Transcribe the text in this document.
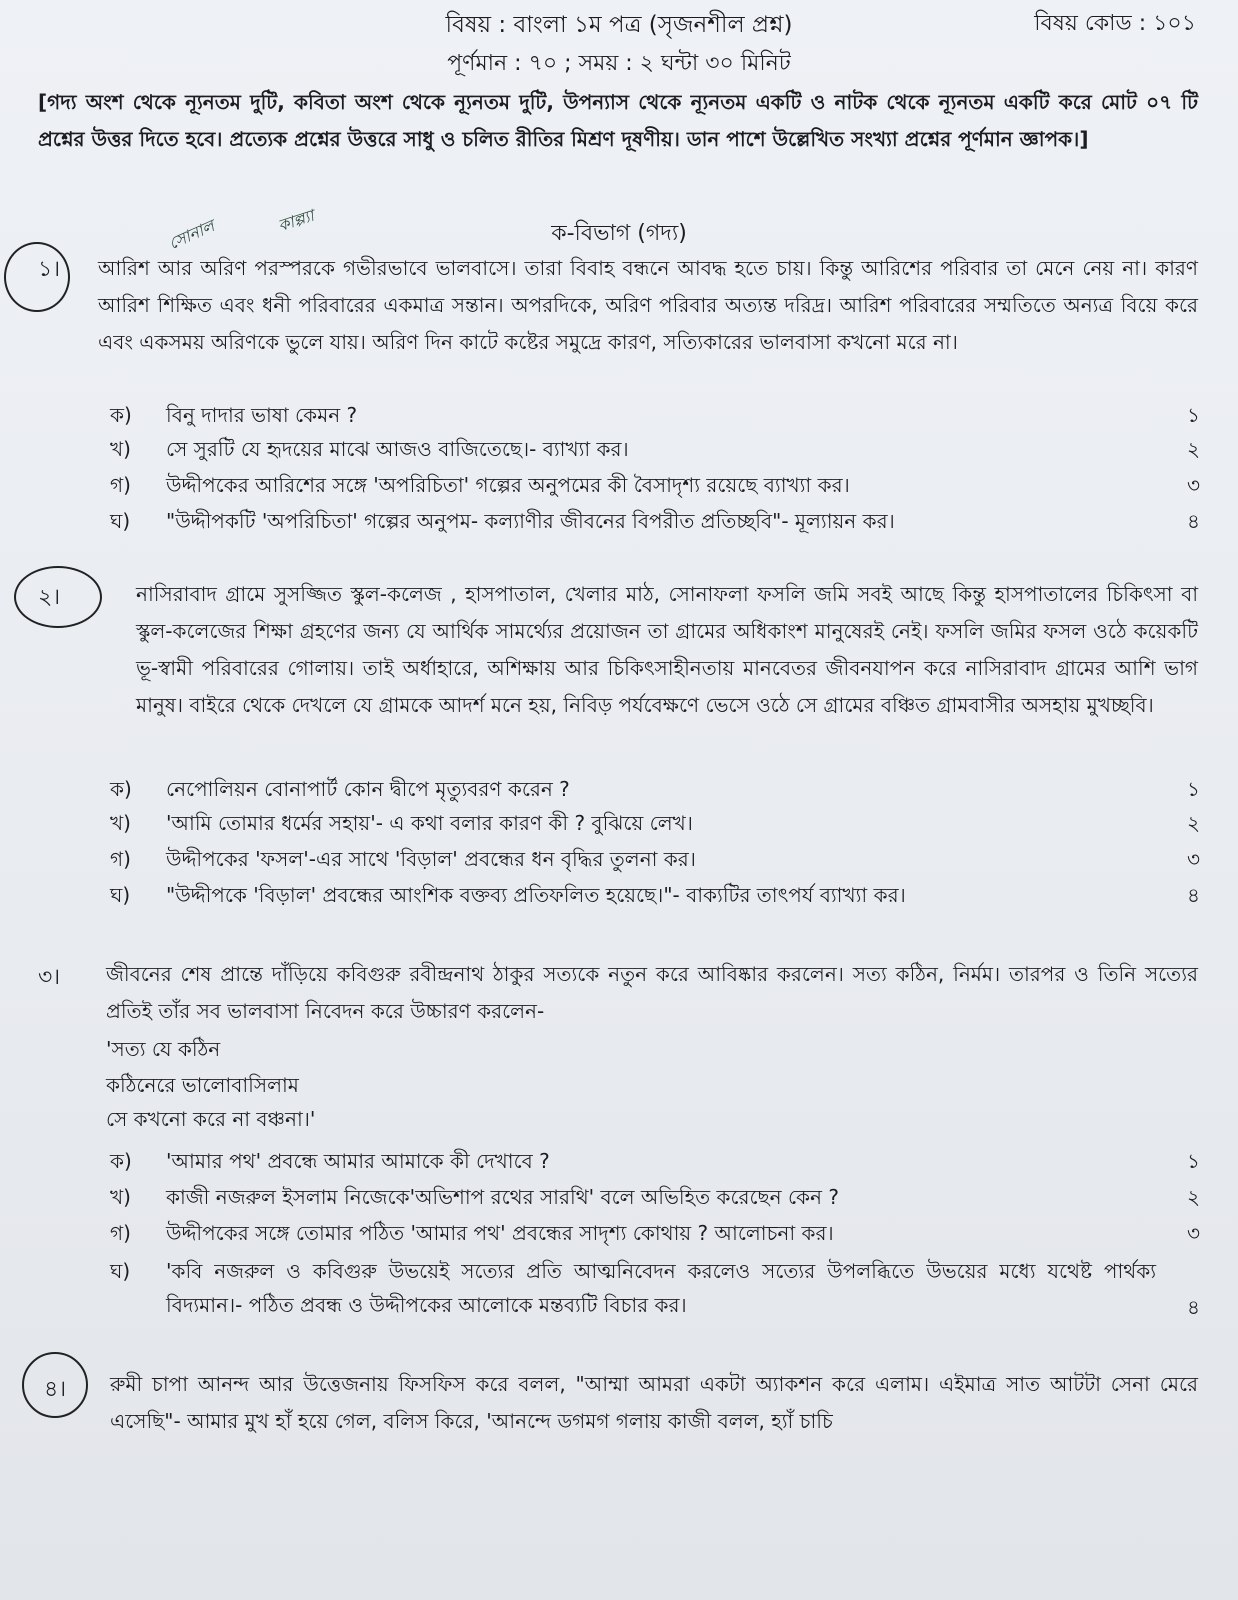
বিষয় : বাংলা ১ম পত্র (সৃজনশীল প্রশ্ন)	বিষয় কোড : ১০১
পূর্ণমান : ৭০ ; সময় : ২ ঘন্টা ৩০ মিনিট
[গদ্য অংশ থেকে ন্যূনতম দুটি, কবিতা অংশ থেকে ন্যূনতম দুটি, উপন্যাস থেকে ন্যূনতম একটি ও নাটক থেকে ন্যূনতম একটি করে মোট ০৭ টি প্রশ্নের উত্তর দিতে হবে। প্রত্যেক প্রশ্নের উত্তরে সাধু ও চলিত রীতির মিশ্রণ দূষণীয়। ডান পাশে উল্লেখিত সংখ্যা প্রশ্নের পূর্ণমান জ্ঞাপক।]
ক-বিভাগ (গদ্য)
সোনাল	কাল্প্যা
১। আরিশ আর অরিণ পরস্পরকে গভীরভাবে ভালবাসে। তারা বিবাহ বন্ধনে আবদ্ধ হতে চায়। কিন্তু আরিশের পরিবার তা মেনে নেয় না। কারণ আরিশ শিক্ষিত এবং ধনী পরিবারের একমাত্র সন্তান। অপরদিকে, অরিণ পরিবার অত্যন্ত দরিদ্র। আরিশ পরিবারের সম্মতিতে অন্যত্র বিয়ে করে এবং একসময় অরিণকে ভুলে যায়। অরিণ দিন কাটে কষ্টের সমুদ্রে কারণ, সত্যিকারের ভালবাসা কখনো মরে না।
ক) বিনু দাদার ভাষা কেমন ?	১
খ) সে সুরটি যে হৃদয়ের মাঝে আজও বাজিতেছে।- ব্যাখ্যা কর।	২
গ) উদ্দীপকের আরিশের সঙ্গে 'অপরিচিতা' গল্পের অনুপমের কী বৈসাদৃশ্য রয়েছে ব্যাখ্যা কর।	৩
ঘ) "উদ্দীপকটি 'অপরিচিতা' গল্পের অনুপম- কল্যাণীর জীবনের বিপরীত প্রতিচ্ছবি"- মূল্যায়ন কর।	৪
২।	নাসিরাবাদ গ্রামে সুসজ্জিত স্কুল-কলেজ , হাসপাতাল, খেলার মাঠ, সোনাফলা ফসলি জমি সবই আছে কিন্তু হাসপাতালের চিকিৎসা বা স্কুল-কলেজের শিক্ষা গ্রহণের জন্য যে আর্থিক সামর্থ্যের প্রয়োজন তা গ্রামের অধিকাংশ মানুষেরই নেই। ফসলি জমির ফসল ওঠে কয়েকটি ভূ-স্বামী পরিবারের গোলায়। তাই অর্ধাহারে, অশিক্ষায় আর চিকিৎসাহীনতায় মানবেতর জীবনযাপন করে নাসিরাবাদ গ্রামের আশি ভাগ মানুষ। বাইরে থেকে দেখলে যে গ্রামকে আদর্শ মনে হয়, নিবিড় পর্যবেক্ষণে ভেসে ওঠে সে গ্রামের বঞ্চিত গ্রামবাসীর অসহায় মুখচ্ছবি।
ক) নেপোলিয়ন বোনাপার্ট কোন দ্বীপে মৃত্যুবরণ করেন ?	১
খ) 'আমি তোমার ধর্মের সহায়'- এ কথা বলার কারণ কী ? বুঝিয়ে লেখ।	২
গ) উদ্দীপকের 'ফসল'-এর সাথে 'বিড়াল' প্রবন্ধের ধন বৃদ্ধির তুলনা কর।	৩
ঘ) "উদ্দীপকে 'বিড়াল' প্রবন্ধের আংশিক বক্তব্য প্রতিফলিত হয়েছে।"- বাক্যটির তাৎপর্য ব্যাখ্যা কর।	৪
৩। জীবনের শেষ প্রান্তে দাঁড়িয়ে কবিগুরু রবীন্দ্রনাথ ঠাকুর সত্যকে নতুন করে আবিষ্কার করলেন। সত্য কঠিন, নির্মম। তারপর ও তিনি সত্যের প্রতিই তাঁর সব ভালবাসা নিবেদন করে উচ্চারণ করলেন-
'সত্য যে কঠিন
কঠিনেরে ভালোবাসিলাম
সে কখনো করে না বঞ্চনা।'
ক) 'আমার পথ' প্রবন্ধে আমার আমাকে কী দেখাবে ?	১
খ) কাজী নজরুল ইসলাম নিজেকে'অভিশাপ রথের সারথি' বলে অভিহিত করেছেন কেন ?	২
গ) উদ্দীপকের সঙ্গে তোমার পঠিত 'আমার পথ' প্রবন্ধের সাদৃশ্য কোথায় ? আলোচনা কর।	৩
ঘ) 'কবি নজরুল ও কবিগুরু উভয়েই সত্যের প্রতি আত্মনিবেদন করলেও সত্যের উপলব্ধিতে উভয়ের মধ্যে যথেষ্ট পার্থক্য বিদ্যমান।- পঠিত প্রবন্ধ ও উদ্দীপকের আলোকে মন্তব্যটি বিচার কর।	৪
৪। রুমী চাপা আনন্দ আর উত্তেজনায় ফিসফিস করে বলল, "আম্মা আমরা একটা অ্যাকশন করে এলাম। এইমাত্র সাত আটটা সেনা মেরে এসেছি"- আমার মুখ হাঁ হয়ে গেল, বলিস কিরে, 'আনন্দে ডগমগ গলায় কাজী বলল, হ্যাঁ চাচি
